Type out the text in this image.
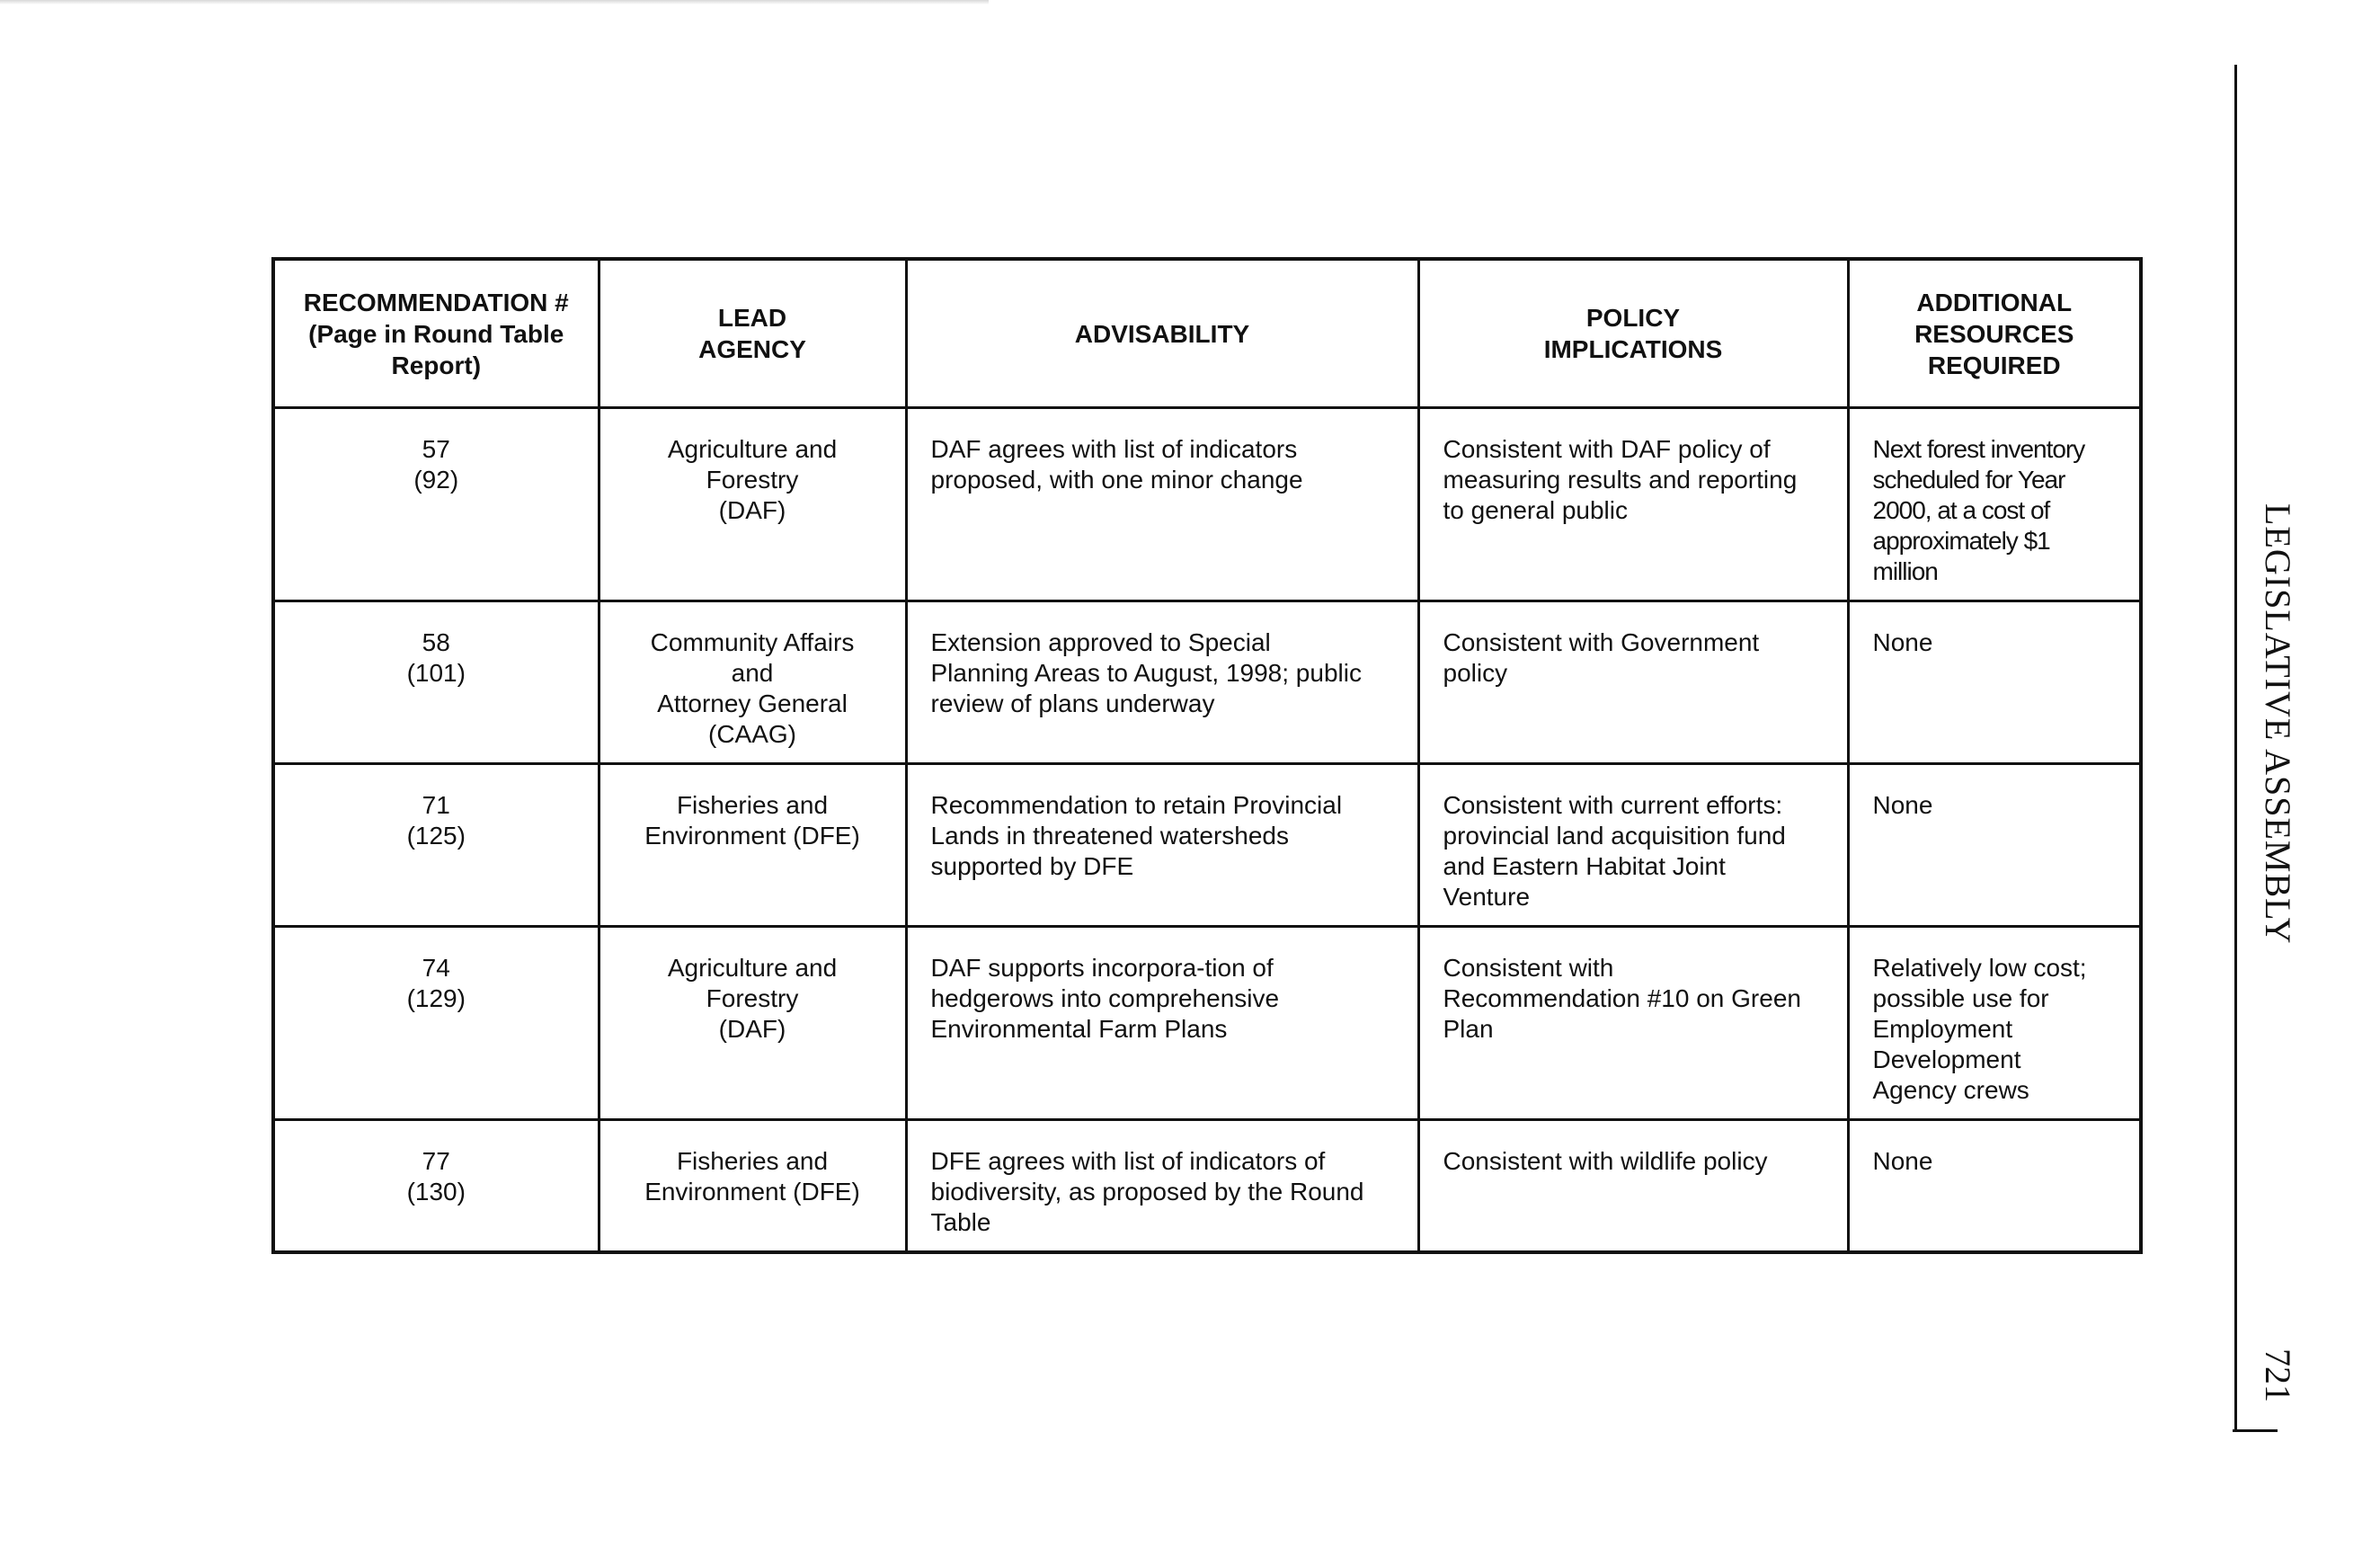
RECOMMENDATION #
(Page in Round Table
Report)	LEAD
AGENCY	ADVISABILITY	POLICY
IMPLICATIONS	ADDITIONAL
RESOURCES
REQUIRED

57
(92)	Agriculture and
Forestry
(DAF)	DAF agrees with list of indicators
proposed, with one minor change	Consistent with DAF policy of
measuring results and reporting
to general public	Next forest inventory
scheduled for Year
2000, at a cost of
approximately $1
million

58
(101)	Community Affairs
and
Attorney General
(CAAG)	Extension approved to Special
Planning Areas to August, 1998; public
review of plans underway	Consistent with Government
policy	None

71
(125)	Fisheries and
Environment (DFE)	Recommendation to retain Provincial
Lands in threatened watersheds
supported by DFE	Consistent with current efforts:
provincial land acquisition fund
and Eastern Habitat Joint
Venture	None

74
(129)	Agriculture and
Forestry
(DAF)	DAF supports incorpora-tion of
hedgerows into comprehensive
Environmental Farm Plans	Consistent with
Recommendation #10 on Green
Plan	Relatively low cost;
possible use for
Employment
Development
Agency crews

77
(130)	Fisheries and
Environment (DFE)	DFE agrees with list of indicators of
biodiversity, as proposed by the Round
Table	Consistent with wildlife policy	None
LEGISLATIVE ASSEMBLY
721
